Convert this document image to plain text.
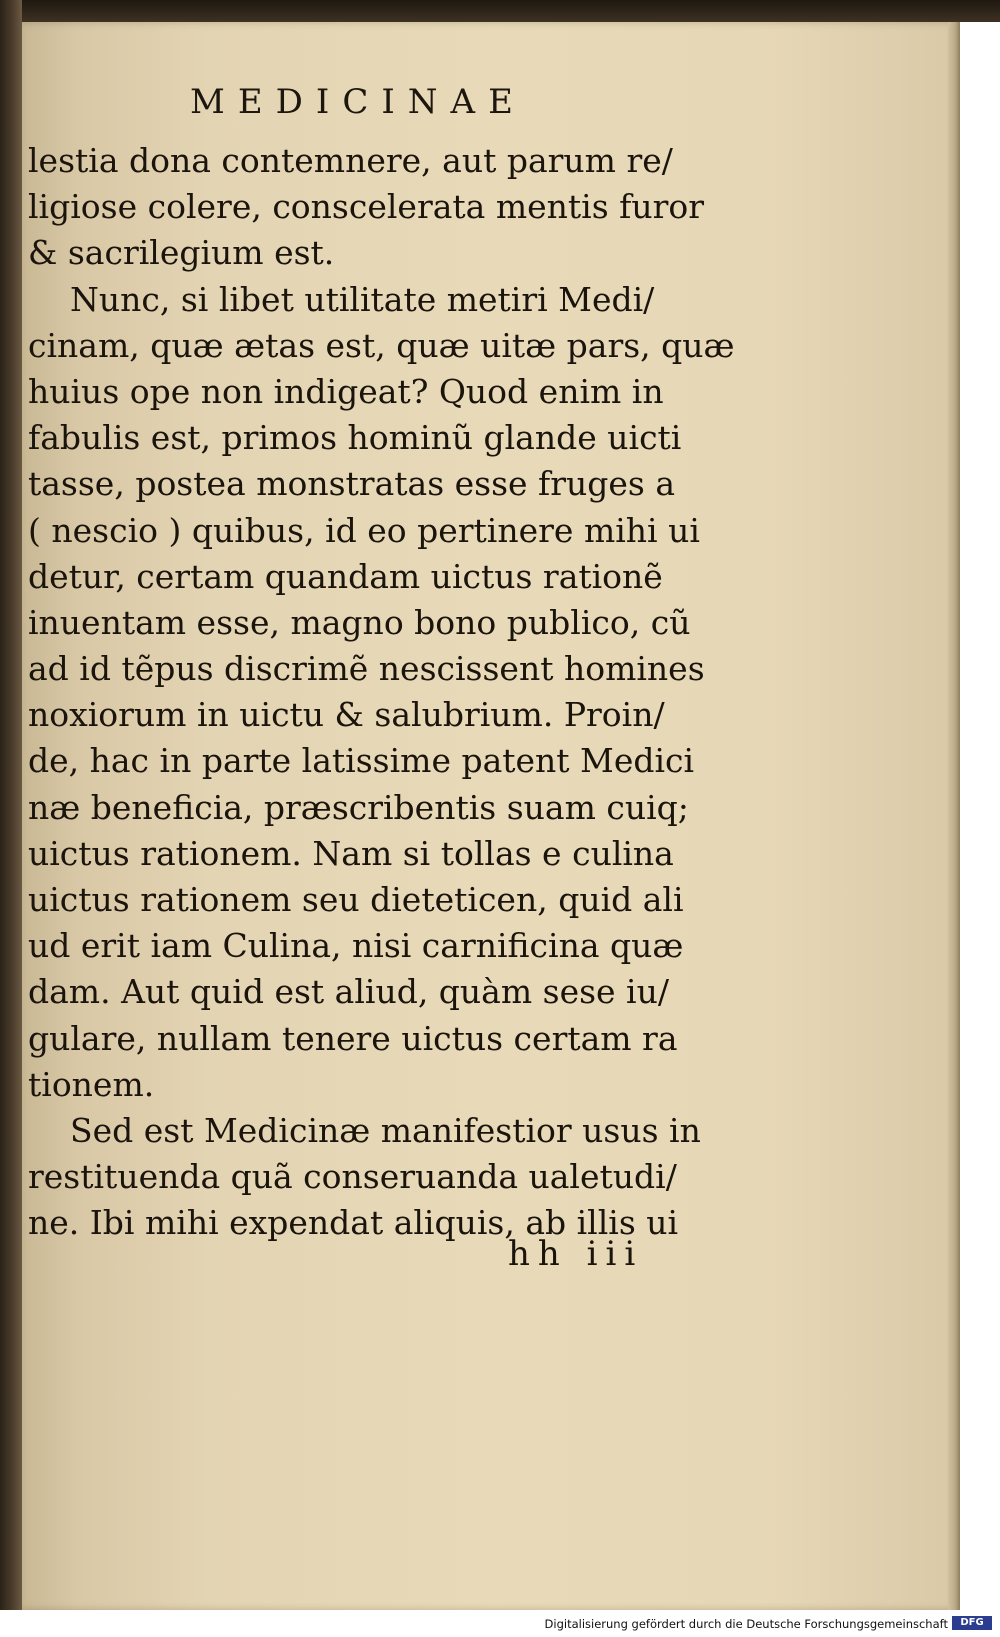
MEDICINAE
lestia dona contemnere, aut parum re/
ligiose colere, conscelerata mentis furor
& sacrilegium est.
Nunc, si libet utilitate metiri Medi/
cinam, quæ ætas est, quæ uitæ pars, quæ
huius ope non indigeat? Quod enim in
fabulis est, primos hominũ glande uicti
tasse, postea monstratas esse fruges a
( nescio ) quibus, id eo pertinere mihi ui
detur, certam quandam uictus rationẽ
inuentam esse, magno bono publico, cũ
ad id tẽpus discrimẽ nescissent homines
noxiorum in uictu & salubrium. Proin/
de, hac in parte latissime patent Medici
næ beneficia, præscribentis suam cuiq;
uictus rationem. Nam si tollas e culina
uictus rationem seu dieteticen, quid ali
ud erit iam Culina, nisi carnificina quæ
dam. Aut quid est aliud, quàm sese iu/
gulare, nullam tenere uictus certam ra
tionem.
Sed est Medicinæ manifestior usus in
restituenda quã conseruanda ualetudi/
ne. Ibi mihi expendat aliquis, ab illis ui
hh iii
Digitalisierung gefördert durch die Deutsche Forschungsgemeinschaft	DFG
